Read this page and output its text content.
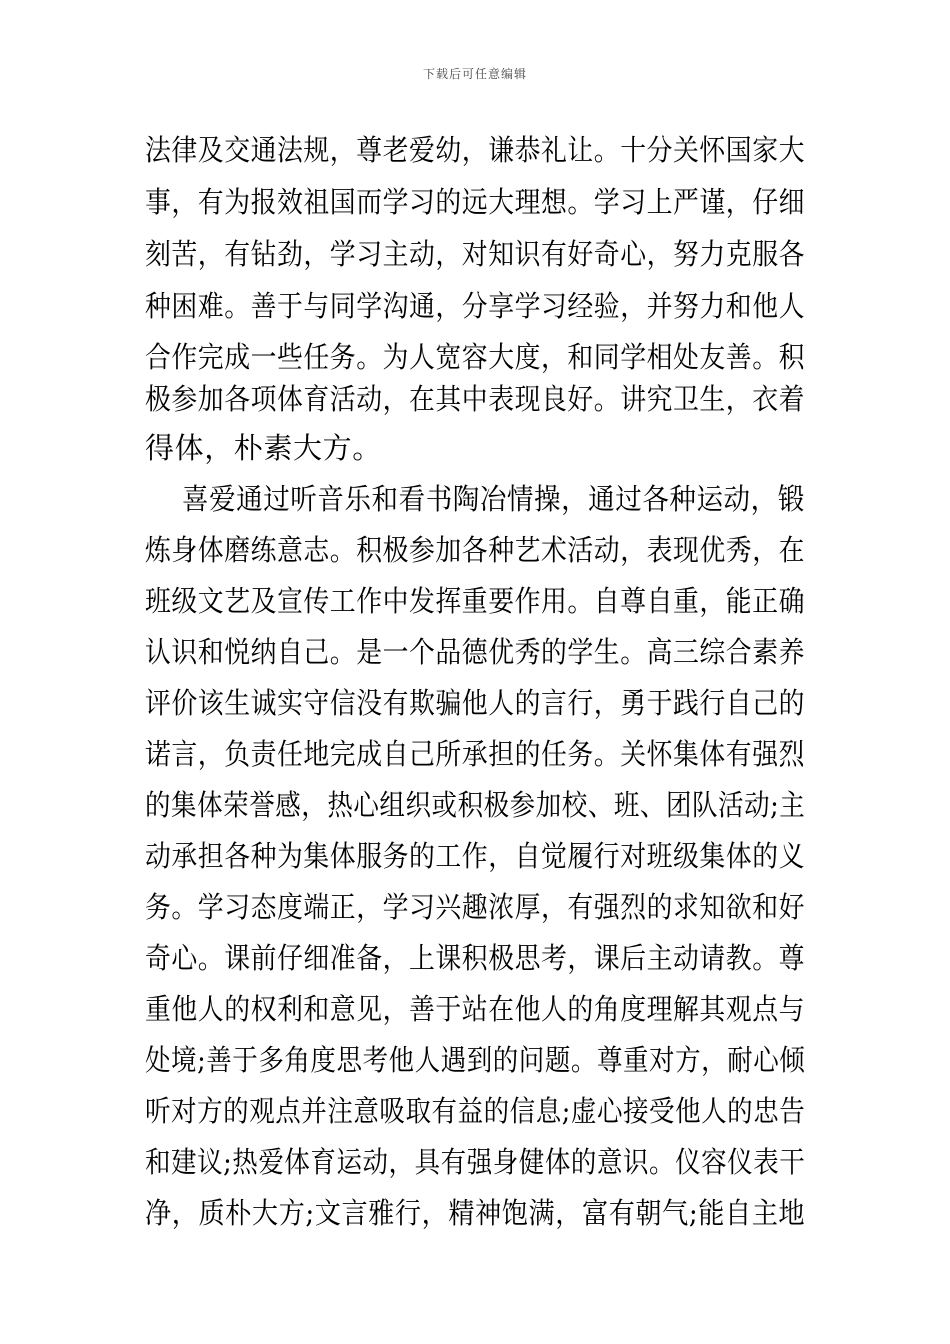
下载后可任意编辑
法律及交通法规，尊老爱幼，谦恭礼让。十分关怀国家大
事，有为报效祖国而学习的远大理想。学习上严谨，仔细
刻苦，有钻劲，学习主动，对知识有好奇心，努力克服各
种困难。善于与同学沟通，分享学习经验，并努力和他人
合作完成一些任务。为人宽容大度，和同学相处友善。积
极参加各项体育活动，在其中表现良好。讲究卫生，衣着
得体，朴素大方。
喜爱通过听音乐和看书陶冶情操，通过各种运动，锻
炼身体磨练意志。积极参加各种艺术活动，表现优秀，在
班级文艺及宣传工作中发挥重要作用。自尊自重，能正确
认识和悦纳自己。是一个品德优秀的学生。高三综合素养
评价该生诚实守信没有欺骗他人的言行，勇于践行自己的
诺言，负责任地完成自己所承担的任务。关怀集体有强烈
的集体荣誉感，热心组织或积极参加校、班、团队活动;主
动承担各种为集体服务的工作，自觉履行对班级集体的义
务。学习态度端正，学习兴趣浓厚，有强烈的求知欲和好
奇心。课前仔细准备，上课积极思考，课后主动请教。尊
重他人的权利和意见，善于站在他人的角度理解其观点与
处境;善于多角度思考他人遇到的问题。尊重对方，耐心倾
听对方的观点并注意吸取有益的信息;虚心接受他人的忠告
和建议;热爱体育运动，具有强身健体的意识。仪容仪表干
净，质朴大方;文言雅行，精神饱满，富有朝气;能自主地
